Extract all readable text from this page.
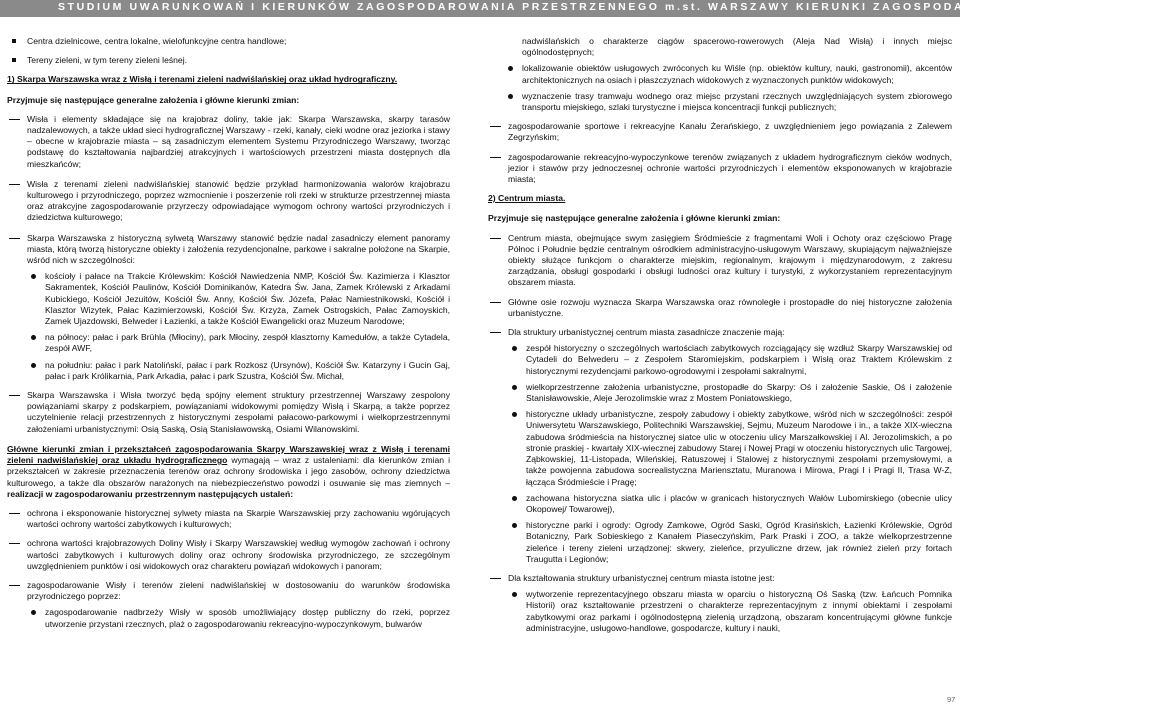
STUDIUM UWARUNKOWAŃ I KIERUNKÓW ZAGOSPODAROWANIA PRZESTRZENNEGO m.st. WARSZAWY KIERUNKI ZAGOSPODAROWANIA PRZESTRZENNEGO

Centra dzielnicowe, centra lokalne, wielofunkcyjne centra handlowe;

Tereny zieleni, w tym tereny zieleni leśnej.

1) Skarpa Warszawska wraz z Wisłą i terenami zieleni nadwiślańskiej oraz układ hydrograficzny.

Przyjmuje się następujące generalne założenia i główne kierunki zmian:

Wisła i elementy składające się na krajobraz doliny, takie jak: Skarpa Warszawska, skarpy tarasów nadzalewowych, a także układ sieci hydrograficznej Warszawy - rzeki, kanały, cieki wodne oraz jeziorka i stawy – obecne w krajobrazie miasta – są zasadniczym elementem Systemu Przyrodniczego Warszawy, tworząc podstawę do kształtowania najbardziej atrakcyjnych i wartościowych przestrzeni miasta dostępnych dla mieszkańców;

Wisła z terenami zieleni nadwiślańskiej stanowić będzie przykład harmonizowania walorów krajobrazu kulturowego i przyrodniczego, poprzez wzmocnienie i poszerzenie roli rzeki w strukturze przestrzennej miasta oraz atrakcyjne zagospodarowanie przyrzeczy odpowiadające wymogom ochrony wartości przyrodniczych i dziedzictwa kulturowego;

Skarpa Warszawska z historyczną sylwetą Warszawy stanowić będzie nadal zasadniczy element panoramy miasta, którą tworzą historyczne obiekty i założenia rezydencjonalne, parkowe i sakralne położone na Skarpie, wśród nich w szczególności:

kościoły i pałace na Trakcie Królewskim: Kościół Nawiedzenia NMP, Kościół Św. Kazimierza i Klasztor Sakramentek, Kościół Paulinów, Kościół Dominikanów, Katedra Św. Jana, Zamek Królewski z Arkadami Kubickiego, Kościół Jezuitów, Kościół Św. Anny, Kościół Św. Józefa, Pałac Namiestnikowski, Kościół i Klasztor Wizytek, Pałac Kazimierzowski, Kościół Św. Krzyża, Zamek Ostrogskich, Pałac Zamoyskich, Zamek Ujazdowski, Belweder i Łazienki, a także Kościół Ewangelicki oraz Muzeum Narodowe;

na północy: pałac i park Brühla (Młociny), park Młociny, zespół klasztorny Kamedułów, a także Cytadela, zespół AWF,

na południu: pałac i park Natolińskí, pałac i park Rozkosz (Ursynów), Kościół Św. Katarzyny i Gucin Gaj, pałac i park Królikarnia, Park Arkadia, pałac i park Szustra, Kościół Św. Michał,

Skarpa Warszawska i Wisła tworzyć będą spójny element struktury przestrzennej Warszawy zespolony powiązaniami skarpy z podskarpiem, powiązaniami widokowymi pomiędzy Wisłą i Skarpą, a także poprzez uczytelnienie relacji przestrzennych z historycznymi zespołami pałacowo-parkowymi i wielkoprzestrzennymi założeniami urbanistycznymi: Osią Saską, Osią Stanisławowską, Osiami Wilanowskimi.

Główne kierunki zmian i przekształceń zagospodarowania Skarpy Warszawskiej wraz z Wisłą i terenami zieleni nadwiślańskiej oraz układu hydrograficznego wymagają – wraz z ustaleniami: dla kierunków zmian i przekształceń w zakresie przeznaczenia terenów oraz ochrony środowiska i jego zasobów, ochrony dziedzictwa kulturowego, a także dla obszarów narażonych na niebezpieczeństwo powodzi i osuwanie się mas ziemnych – realizacji w zagospodarowaniu przestrzennym następujących ustaleń:

ochrona i eksponowanie historycznej sylwety miasta na Skarpie Warszawskiej przy zachowaniu wgórujących wartości ochrony wartości zabytkowych i kulturowych;

ochrona wartości krajobrazowych Doliny Wisły i Skarpy Warszawskiej według wymogów zachowań i ochrony wartości zabytkowych i kulturowych doliny oraz ochrony środowiska przyrodniczego, ze szczególnym uwzględnieniem punktów i osi widokowych oraz charakteru powiązań widokowych i panoram;

zagospodarowanie Wisły i terenów zieleni nadwiślańskiej w dostosowaniu do warunków środowiska przyrodniczego poprzez:

zagospodarowanie nadbrzeży Wisły w sposób umożliwiający dostęp publiczny do rzeki, poprzez utworzenie przystani rzecznych, plaż o zagospodarowaniu rekreacyjno-wypoczynkowym, bulwarów

nadwiślańskich o charakterze ciągów spacerowo-rowerowych (Aleja Nad Wisłą) i innych miejsc ogólnodostępnych;

lokalizowanie obiektów usługowych zwróconych ku Wiśle (np. obiektów kultury, nauki, gastronomii), akcentów architektonicznych na osiach i płaszczyznach widokowych z wyznaczonych punktów widokowych;

wyznaczenie trasy tramwaju wodnego oraz miejsc przystani rzecznych uwzględniających system zbiorowego transportu miejskiego, szlaki turystyczne i miejsca koncentracji funkcji publicznych;

zagospodarowanie sportowe i rekreacyjne Kanału Żerańskiego, z uwzględnieniem jego powiązania z Zalewem Zegrzyńskim;

zagospodarowanie rekreacyjno-wypoczynkowe terenów związanych z układem hydrograficznym cieków wodnych, jezior i stawów przy jednoczesnej ochronie wartości przyrodniczych i elementów eksponowanych w krajobrazie miasta;

2) Centrum miasta.

Przyjmuje się następujące generalne założenia i główne kierunki zmian:

Centrum miasta, obejmujące swym zasięgiem Śródmieście z fragmentami Woli i Ochoty oraz częściowo Pragę Północ i Południe będzie centralnym ośrodkiem administracyjno-usługowym Warszawy, skupiającym najważniejsze obiekty służące funkcjom o charakterze miejskim, regionalnym, krajowym i międzynarodowym, z zakresu zarządzania, obsługi gospodarki i obsługi ludności oraz kultury i turystyki, z wykorzystaniem reprezentacyjnym obszarem miasta.

Główne osie rozwoju wyznacza Skarpa Warszawska oraz równoległe i prostopadłe do niej historyczne założenia urbanistyczne.

Dla struktury urbanistycznej centrum miasta zasadnicze znaczenie mają:

zespół historyczny o szczególnych wartościach zabytkowych rozciągający się wzdłuż Skarpy Warszawskiej od Cytadeli do Belwederu – z Zespołem Staromiejskim, podskarpiem i Wisłą oraz Traktem Królewskim z historycznymi rezydencjami parkowo-ogrodowymi i zespołami sakralnymi,

wielkoprzestrzenne założenia urbanistyczne, prostopadłe do Skarpy: Oś i założenie Saskie, Oś i założenie Stanisławowskie, Aleje Jerozolimskie wraz z Mostem Poniatowskiego,

historyczne układy urbanistyczne, zespoły zabudowy i obiekty zabytkowe, wśród nich w szczególności: zespół Uniwersytetu Warszawskiego, Politechniki Warszawskiej, Sejmu, Muzeum Narodowe i in., a także XIX-wieczna zabudowa śródmieścia na historycznej siatce ulic w otoczeniu ulicy Marszałkowskiej i Al. Jerozolimskich, a po stronie praskiej - kwartały XIX-wiecznej zabudowy Starej i Nowej Pragi w otoczeniu historycznych ulic Targowej, Ząbkowskiej, 11-Listopada, Wileńskiej, Ratuszowej i Stalowej z historycznymi zespołami przemysłowymi, a także powojenna zabudowa socrealistyczna Mariensztatu, Muranowa i Mirowa, Pragi I i Pragi II, Trasa W-Z, łącząca Śródmieście i Pragę;

zachowana historyczna siatka ulic i placów w granicach historycznych Wałów Lubomirskiego (obecnie ulicy Okopowej/ Towarowej),

historyczne parki i ogrody: Ogrody Zamkowe, Ogród Saski, Ogród Krasińskich, Łazienki Królewskie, Ogród Botaniczny, Park Sobieskiego z Kanałem Piaseczyńskim, Park Praski i ZOO, a także wielkoprzestrzenne zieleńce i tereny zieleni urządzonej: skwery, zieleńce, przyuliczne drzew, jak również zieleń przy fortach Traugutta i Legionów;

Dla kształtowania struktury urbanistycznej centrum miasta istotne jest:

wytworzenie reprezentacyjnego obszaru miasta w oparciu o historyczną Oś Saską (tzw. Łańcuch Pomnika Historii) oraz kształtowanie przestrzeni o charakterze reprezentacyjnym z innymi obiektami i zespołami zabytkowymi oraz parkami i ogólnodostępną zielenią urządzoną, obszaram koncentrującymi główne funkcje administracyjne, usługowo-handlowe, gospodarcze, kultury i nauki,

97
